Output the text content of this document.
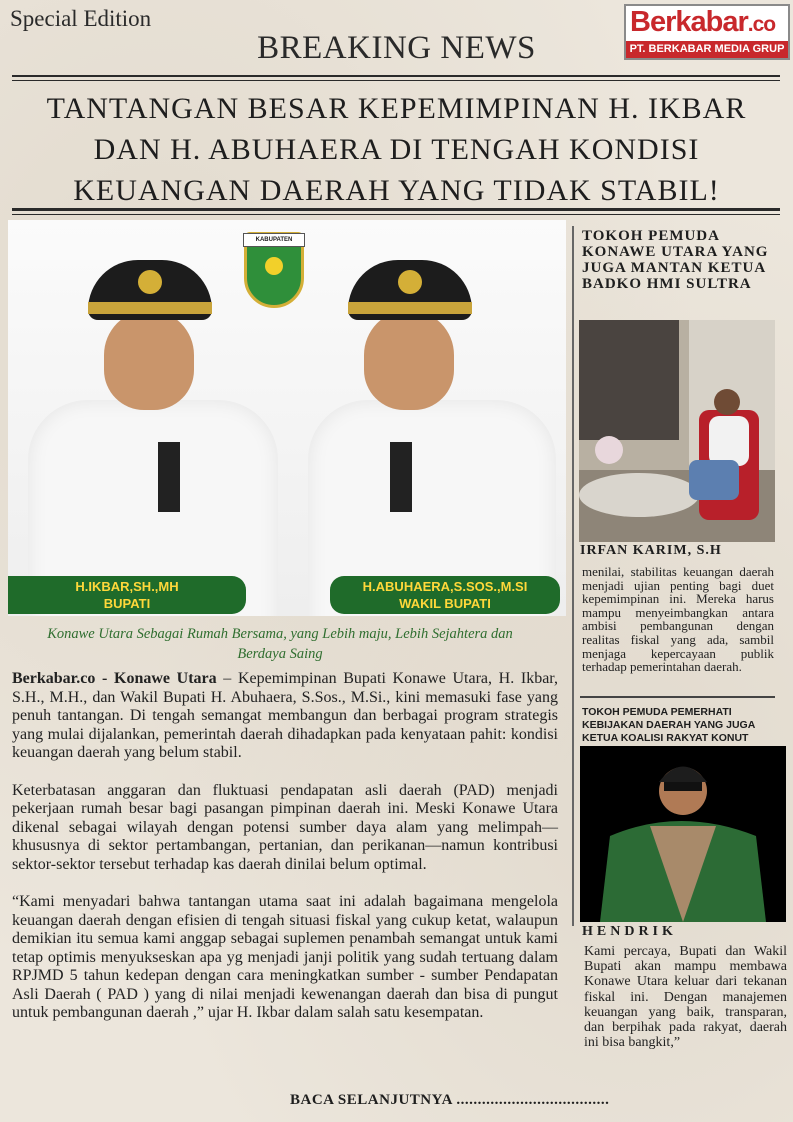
Special Edition	Berkabar.co
PT. BERKABAR MEDIA GRUP
BREAKING NEWS
TANTANGAN BESAR KEPEMIMPINAN H. IKBAR
DAN H. ABUHAERA DI TENGAH KONDISI
KEUANGAN DAERAH YANG TIDAK STABIL!
KABUPATEN
H.IKBAR,SH.,MH
BUPATI
H.ABUHAERA,S.SOS.,M.SI
WAKIL BUPATI
Konawe Utara Sebagai Rumah Bersama, yang Lebih maju, Lebih Sejahtera dan Berdaya Saing

Berkabar.co - Konawe Utara – Kepemimpinan Bupati Konawe Utara, H. Ikbar, S.H., M.H., dan Wakil Bupati H. Abuhaera, S.Sos., M.Si., kini memasuki fase yang penuh tantangan. Di tengah semangat membangun dan berbagai program strategis yang mulai dijalankan, pemerintah daerah dihadapkan pada kenyataan pahit: kondisi keuangan daerah yang belum stabil.

Keterbatasan anggaran dan fluktuasi pendapatan asli daerah (PAD) menjadi pekerjaan rumah besar bagi pasangan pimpinan daerah ini. Meski Konawe Utara dikenal sebagai wilayah dengan potensi sumber daya alam yang melimpah—khususnya di sektor pertambangan, pertanian, dan perikanan—namun kontribusi sektor-sektor tersebut terhadap kas daerah dinilai belum optimal.

“Kami menyadari bahwa tantangan utama saat ini adalah bagaimana mengelola keuangan daerah dengan efisien di tengah situasi fiskal yang cukup ketat, walaupun demikian itu semua kami anggap sebagai suplemen penambah semangat untuk kami tetap optimis menyukseskan apa yg menjadi janji politik yang sudah tertuang dalam RPJMD 5 tahun kedepan dengan cara meningkatkan sumber - sumber Pendapatan Asli Daerah ( PAD ) yang di nilai menjadi kewenangan daerah dan bisa di pungut untuk pembangunan daerah ,” ujar H. Ikbar dalam salah satu kesempatan.

BACA SELANJUTNYA ....................................
TOKOH PEMUDA KONAWE UTARA YANG JUGA MANTAN KETUA BADKO HMI SULTRA
IRFAN KARIM, S.H
menilai, stabilitas keuangan daerah menjadi ujian penting bagi duet kepemimpinan ini. Mereka harus mampu menyeimbangkan antara ambisi pembangunan dengan realitas fiskal yang ada, sambil menjaga kepercayaan publik terhadap pemerintahan daerah.
TOKOH PEMUDA PEMERHATI KEBIJAKAN DAERAH YANG JUGA KETUA KOALISI RAKYAT KONUT
HENDRIK
Kami percaya, Bupati dan Wakil Bupati akan mampu membawa Konawe Utara keluar dari tekanan fiskal ini. Dengan manajemen keuangan yang baik, transparan, dan berpihak pada rakyat, daerah ini bisa bangkit,”
